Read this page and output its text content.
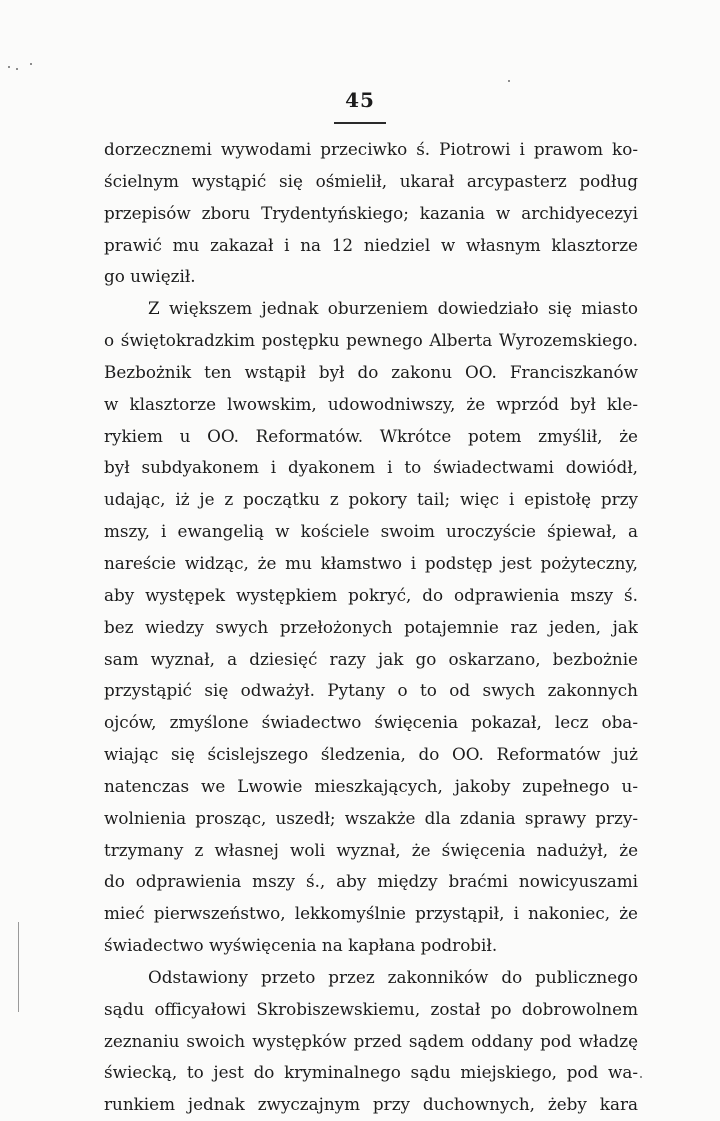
45
dorzecznemi wywodami przeciwko ś. Piotrowi i prawom ko-
ścielnym wystąpić się ośmielił, ukarał arcypasterz podług
przepisów zboru Trydentyńskiego; kazania w archidyecezyi
prawić mu zakazał i na 12 niedziel w własnym klasztorze
go uwięził.
Z większem jednak oburzeniem dowiedziało się miasto
o świętokradzkim postępku pewnego Alberta Wyrozemskiego.
Bezbożnik ten wstąpił był do zakonu OO. Franciszkanów
w klasztorze lwowskim, udowodniwszy, że wprzód był kle-
rykiem u OO. Reformatów. Wkrótce potem zmyślił, że
był subdyakonem i dyakonem i to świadectwami dowiódł,
udając, iż je z początku z pokory tail; więc i epistołę przy
mszy, i ewangelią w kościele swoim uroczyście śpiewał, a
nareście widząc, że mu kłamstwo i podstęp jest pożyteczny,
aby występek występkiem pokryć, do odprawienia mszy ś.
bez wiedzy swych przełożonych potajemnie raz jeden, jak
sam wyznał, a dziesięć razy jak go oskarzano, bezbożnie
przystąpić się odważył. Pytany o to od swych zakonnych
ojców, zmyślone świadectwo święcenia pokazał, lecz oba-
wiając się ścislejszego śledzenia, do OO. Reformatów już
natenczas we Lwowie mieszkających, jakoby zupełnego u-
wolnienia prosząc, uszedł; wszakże dla zdania sprawy przy-
trzymany z własnej woli wyznał, że święcenia nadużył, że
do odprawienia mszy ś., aby między braćmi nowicyuszami
mieć pierwszeństwo, lekkomyślnie przystąpił, i nakoniec, że
świadectwo wyświęcenia na kapłana podrobił.
Odstawiony przeto przez zakonników do publicznego
sądu officyałowi Skrobiszewskiemu, został po dobrowolnem
zeznaniu swoich występków przed sądem oddany pod władzę
świecką, to jest do kryminalnego sądu miejskiego, pod wa-
runkiem jednak zwyczajnym przy duchownych, żeby kara
